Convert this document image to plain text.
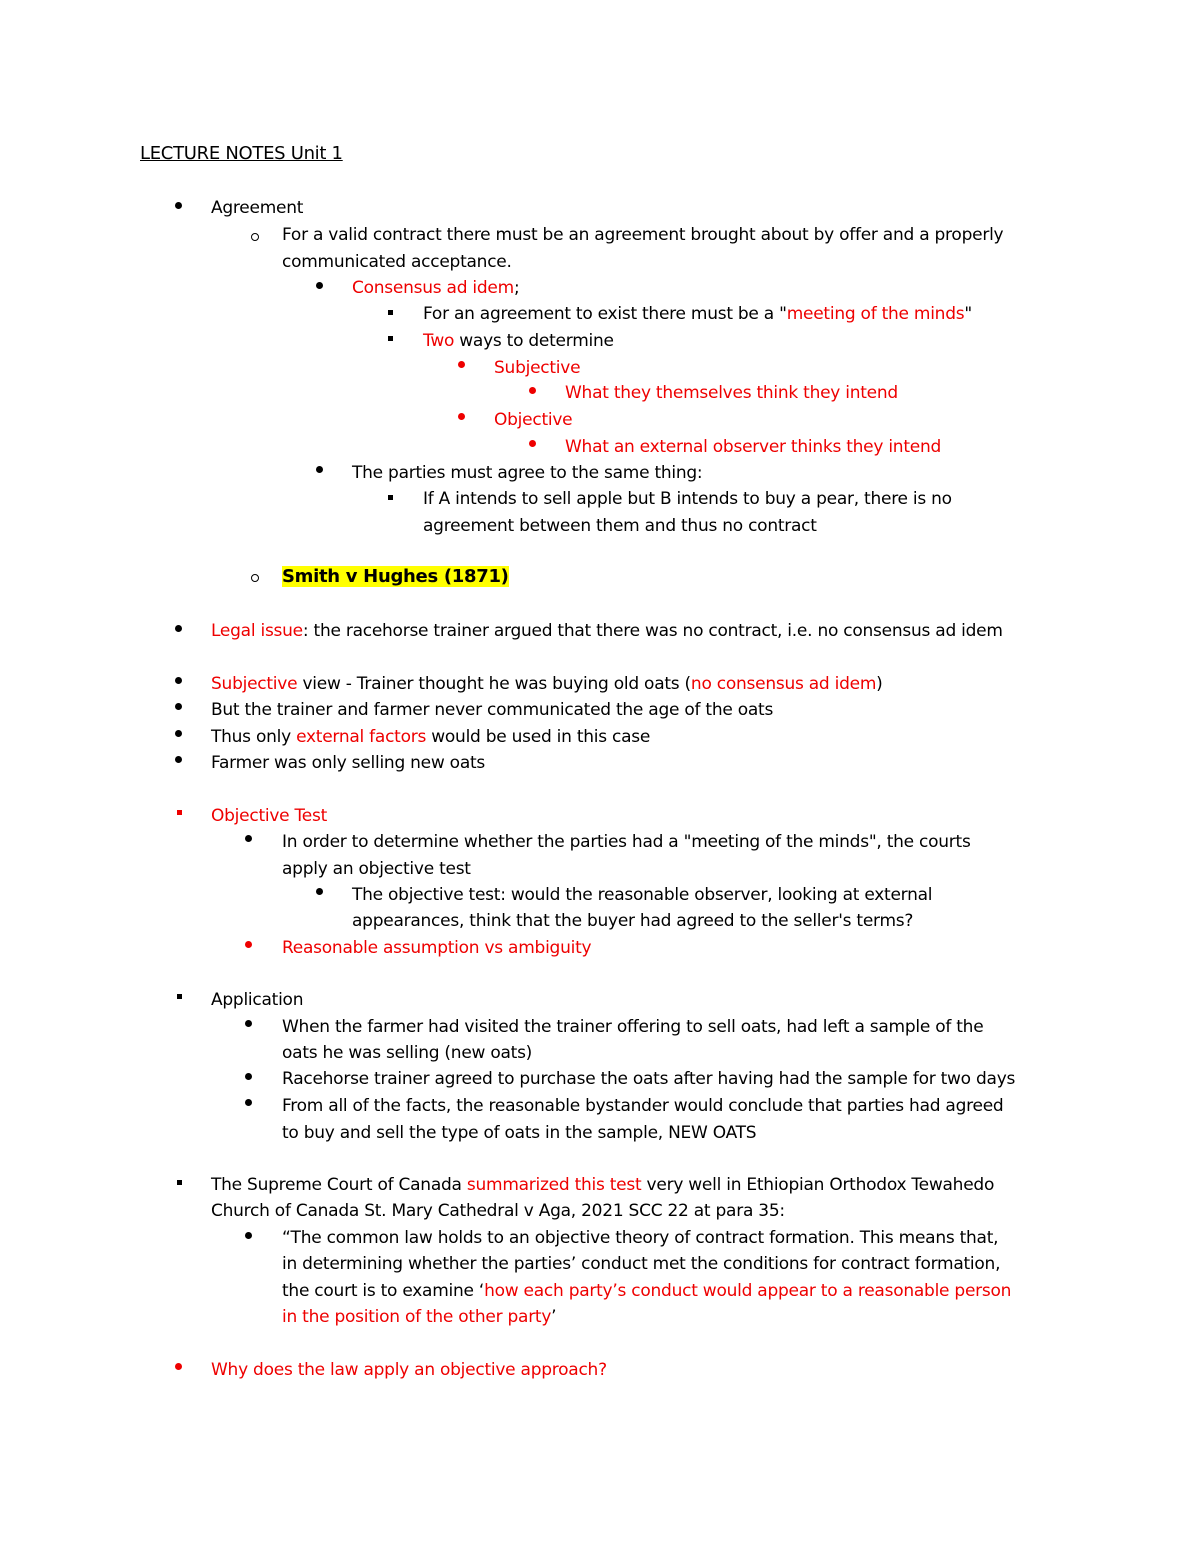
LECTURE NOTES Unit 1
Agreement
For a valid contract there must be an agreement brought about by offer and a properly
communicated acceptance.
Consensus ad idem;
For an agreement to exist there must be a "meeting of the minds"
Two ways to determine
Subjective
What they themselves think they intend
Objective
What an external observer thinks they intend
The parties must agree to the same thing:
If A intends to sell apple but B intends to buy a pear, there is no
agreement between them and thus no contract
Smith v Hughes (1871)
Legal issue: the racehorse trainer argued that there was no contract, i.e. no consensus ad idem
Subjective view - Trainer thought he was buying old oats (no consensus ad idem)
But the trainer and farmer never communicated the age of the oats
Thus only external factors would be used in this case
Farmer was only selling new oats
Objective Test
In order to determine whether the parties had a "meeting of the minds", the courts
apply an objective test
The objective test: would the reasonable observer, looking at external
appearances, think that the buyer had agreed to the seller's terms?
Reasonable assumption vs ambiguity
Application
When the farmer had visited the trainer offering to sell oats, had left a sample of the
oats he was selling (new oats)
Racehorse trainer agreed to purchase the oats after having had the sample for two days
From all of the facts, the reasonable bystander would conclude that parties had agreed
to buy and sell the type of oats in the sample, NEW OATS
The Supreme Court of Canada summarized this test very well in Ethiopian Orthodox Tewahedo
Church of Canada St. Mary Cathedral v Aga, 2021 SCC 22 at para 35:
“The common law holds to an objective theory of contract formation. This means that,
in determining whether the parties’ conduct met the conditions for contract formation,
the court is to examine ‘how each party’s conduct would appear to a reasonable person
in the position of the other party’
Why does the law apply an objective approach?
